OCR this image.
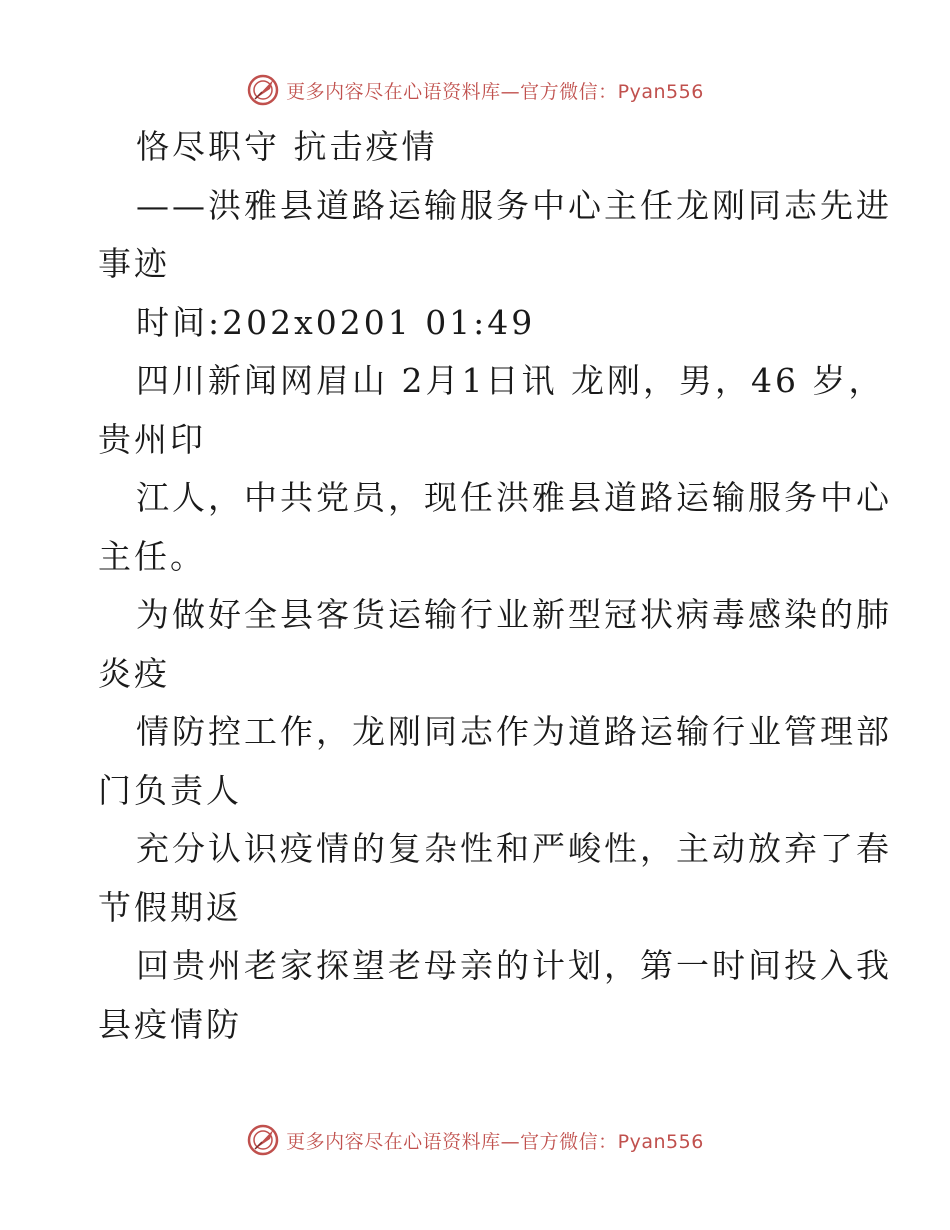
更多内容尽在心语资料库—官方微信：Pyan556
恪尽职守 抗击疫情
——洪雅县道路运输服务中心主任龙刚同志先进
事迹
时间:202x0201 01:49
四川新闻网眉山 2月1日讯 龙刚，男，46 岁，
贵州印
江人，中共党员，现任洪雅县道路运输服务中心
主任。
为做好全县客货运输行业新型冠状病毒感染的肺
炎疫
情防控工作，龙刚同志作为道路运输行业管理部
门负责人
充分认识疫情的复杂性和严峻性，主动放弃了春
节假期返
回贵州老家探望老母亲的计划，第一时间投入我
县疫情防
更多内容尽在心语资料库—官方微信：Pyan556
